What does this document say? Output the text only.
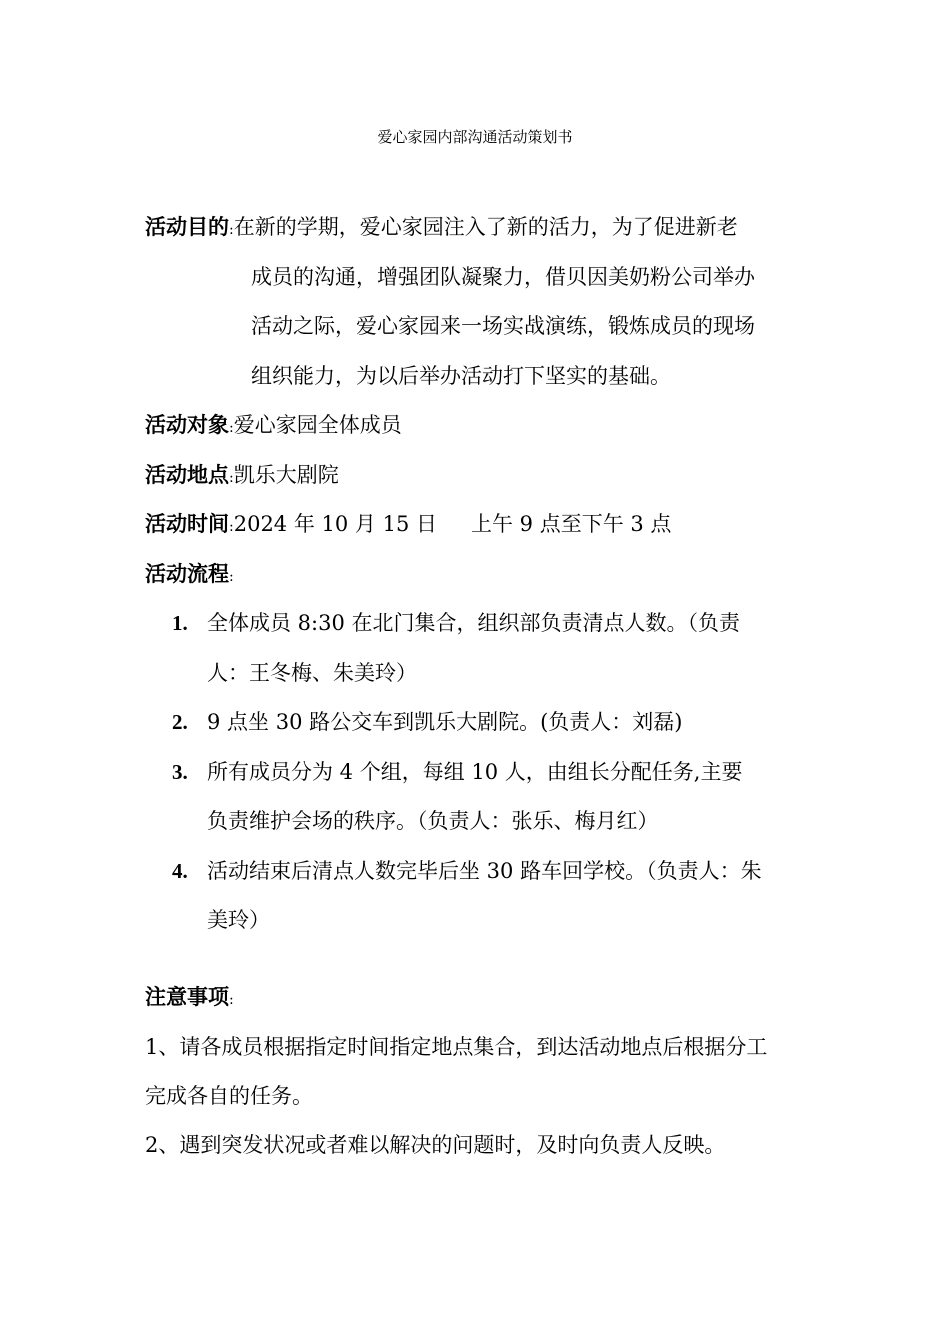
爱心家园内部沟通活动策划书
活动目的:在新的学期，爱心家园注入了新的活力，为了促进新老
成员的沟通，增强团队凝聚力，借贝因美奶粉公司举办
活动之际，爱心家园来一场实战演练，锻炼成员的现场
组织能力，为以后举办活动打下坚实的基础。
活动对象:爱心家园全体成员
活动地点:凯乐大剧院
活动时间:2024 年 10 月 15 日 上午 9 点至下午 3 点
活动流程:
1. 全体成员 8:30 在北门集合，组织部负责清点人数。（负责
人：王冬梅、朱美玲）
2. 9 点坐 30 路公交车到凯乐大剧院。(负责人：刘磊)
3. 所有成员分为 4 个组，每组 10 人，由组长分配任务,主要
负责维护会场的秩序。（负责人：张乐、梅月红）
4. 活动结束后清点人数完毕后坐 30 路车回学校。（负责人：朱
美玲）
注意事项:
1、请各成员根据指定时间指定地点集合，到达活动地点后根据分工
完成各自的任务。
2、遇到突发状况或者难以解决的问题时，及时向负责人反映。
